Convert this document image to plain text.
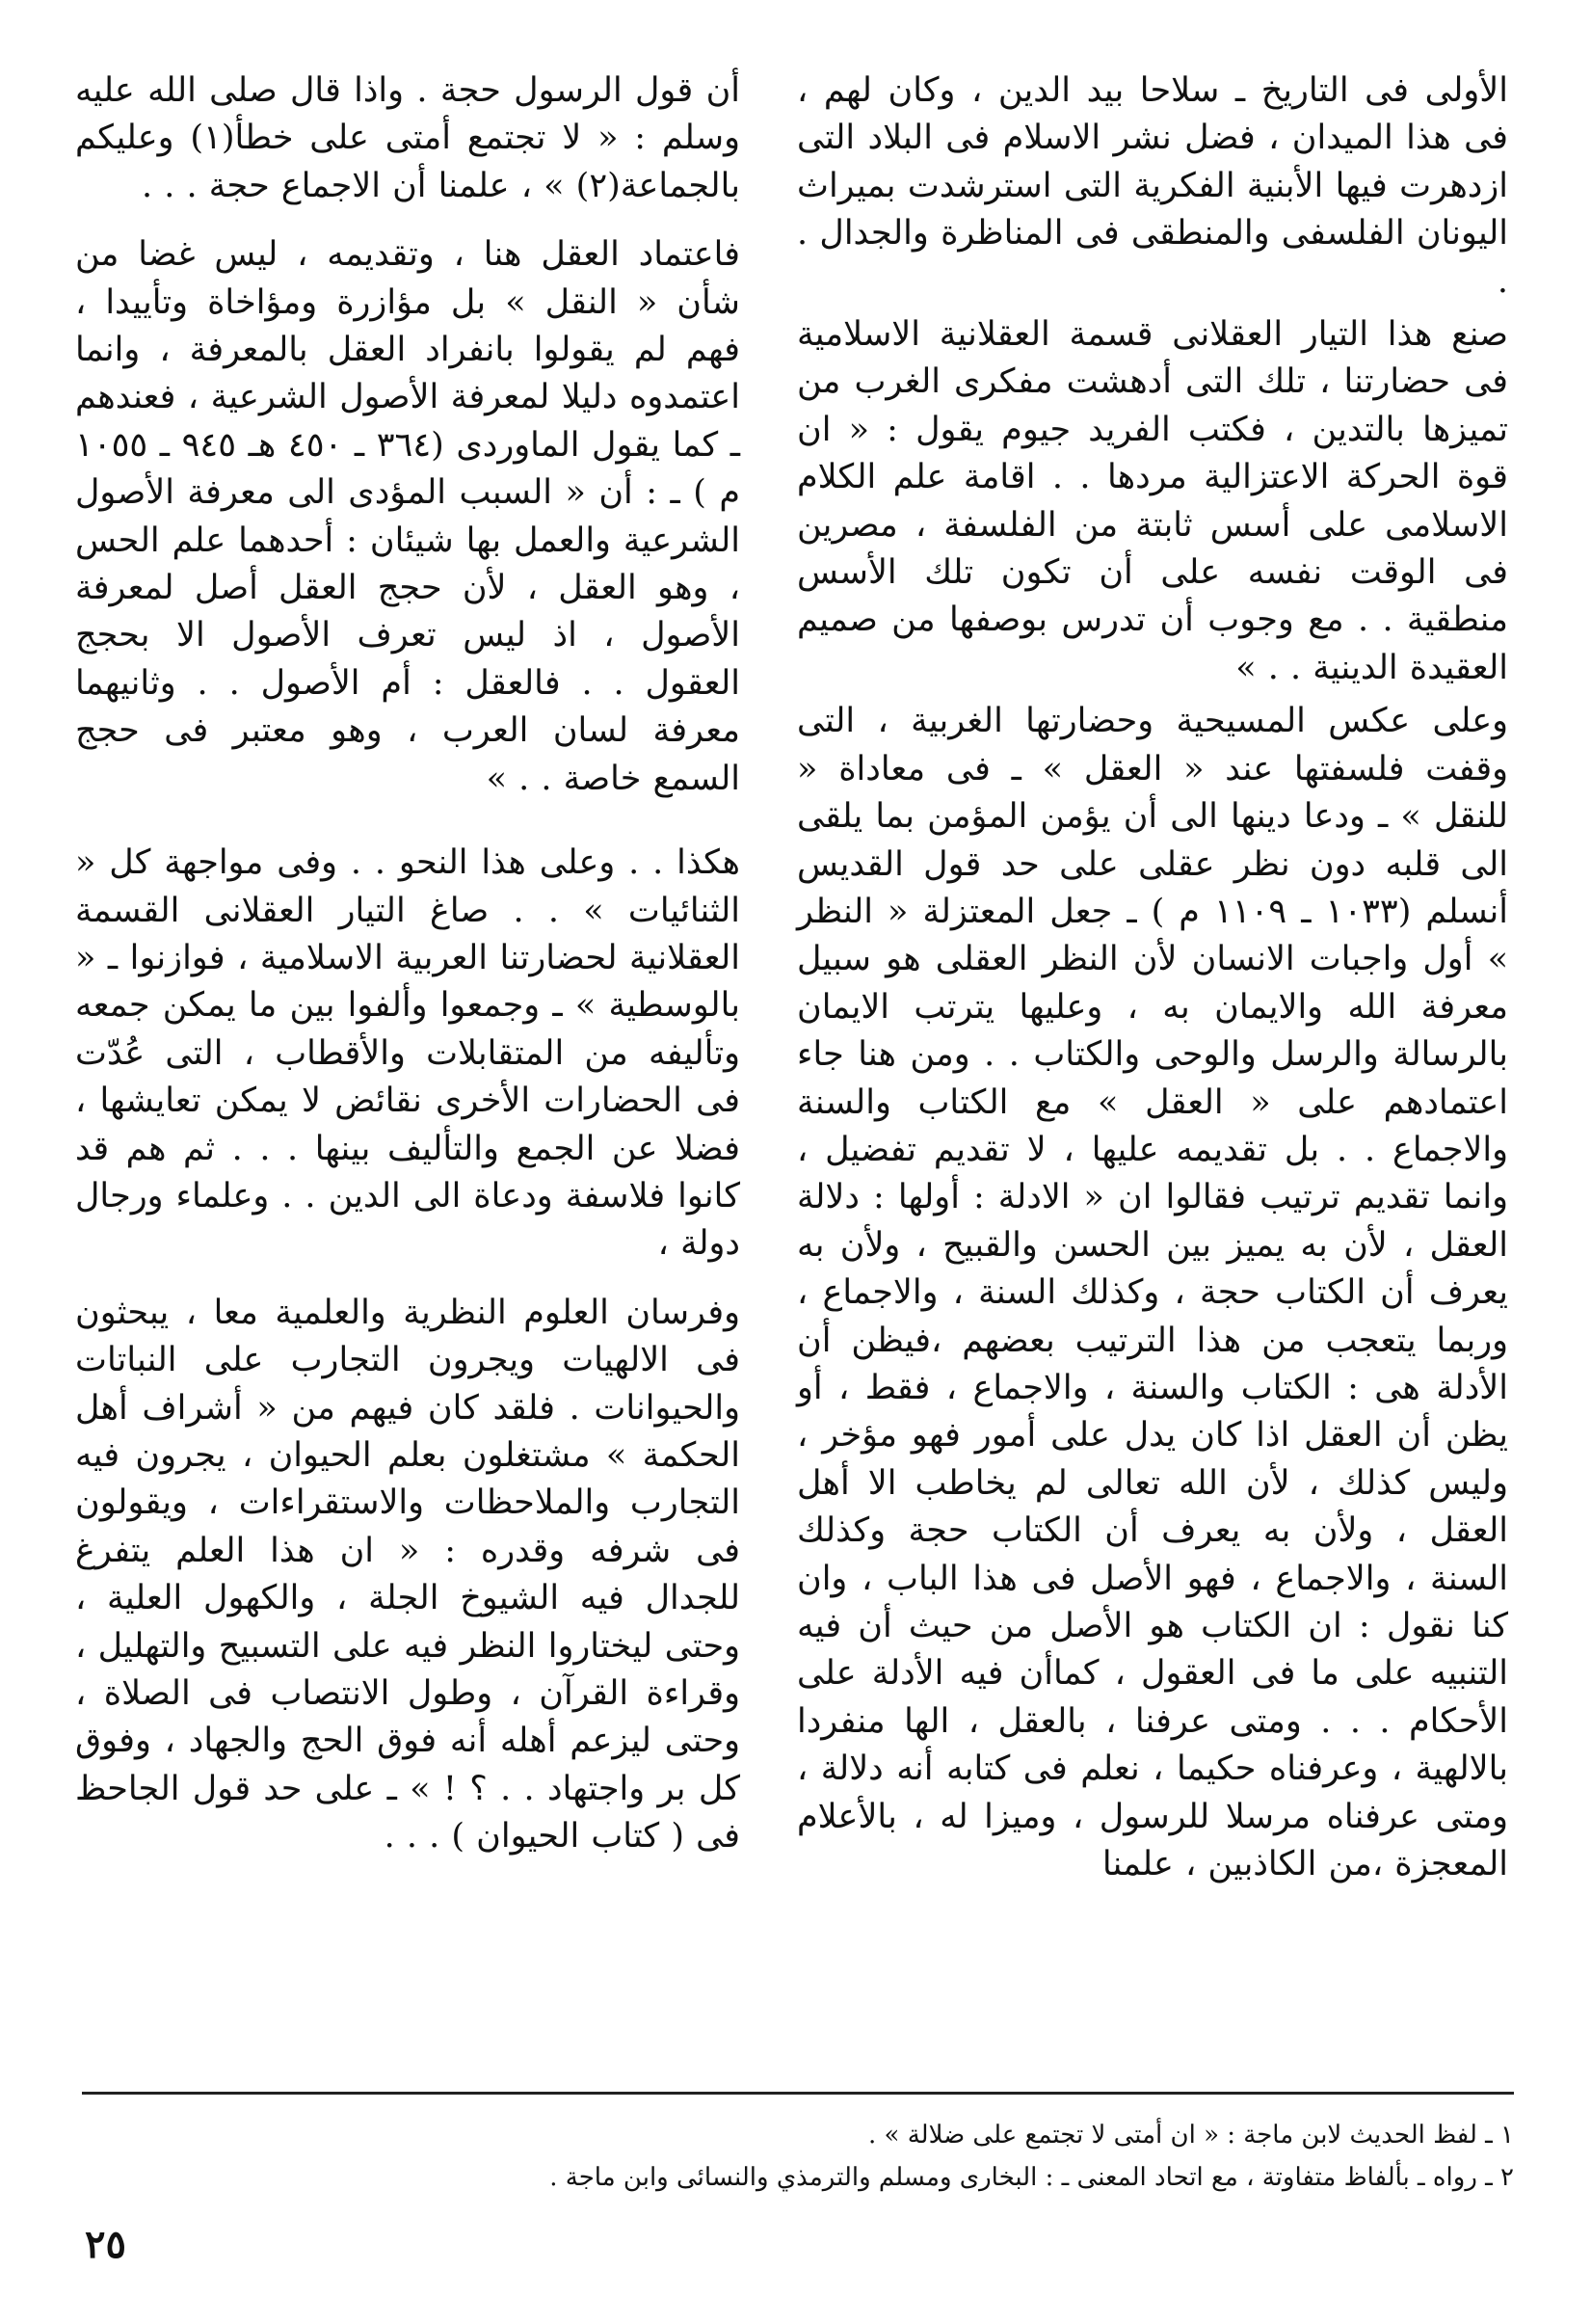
الأولى فى التاريخ ـ سلاحا بيد الدين ، وكان لهم ، فى هذا الميدان ، فضل نشر الاسلام فى البلاد التى ازدهرت فيها الأبنية الفكرية التى استرشدت بميراث اليونان الفلسفى والمنطقى فى المناظرة والجدال . .

صنع هذا التيار العقلانى قسمة العقلانية الاسلامية فى حضارتنا ، تلك التى أدهشت مفكرى الغرب من تميزها بالتدين ، فكتب الفريد جيوم يقول : « ان قوة الحركة الاعتزالية مردها . . اقامة علم الكلام الاسلامى على أسس ثابتة من الفلسفة ، مصرين فى الوقت نفسه على أن تكون تلك الأسس منطقية . . مع وجوب أن تدرس بوصفها من صميم العقيدة الدينية . . »

وعلى عكس المسيحية وحضارتها الغربية ، التى وقفت فلسفتها عند « العقل » ـ فى معاداة « للنقل » ـ ودعا دينها الى أن يؤمن المؤمن بما يلقى الى قلبه دون نظر عقلى على حد قول القديس أنسلم (١٠٣٣ ـ ١١٠٩ م ) ـ جعل المعتزلة « النظر » أول واجبات الانسان لأن النظر العقلى هو سبيل معرفة الله والايمان به ، وعليها يترتب الايمان بالرسالة والرسل والوحى والكتاب . . ومن هنا جاء اعتمادهم على « العقل » مع الكتاب والسنة والاجماع . . بل تقديمه عليها ، لا تقديم تفضيل ، وانما تقديم ترتيب فقالوا ان « الادلة : أولها : دلالة العقل ، لأن به يميز بين الحسن والقبيح ، ولأن به يعرف أن الكتاب حجة ، وكذلك السنة ، والاجماع ، وربما يتعجب من هذا الترتيب بعضهم ،فيظن أن الأدلة هى : الكتاب والسنة ، والاجماع ، فقط ، أو يظن أن العقل اذا كان يدل على أمور فهو مؤخر ، وليس كذلك ، لأن الله تعالى لم يخاطب الا أهل العقل ، ولأن به يعرف أن الكتاب حجة وكذلك السنة ، والاجماع ، فهو الأصل فى هذا الباب ، وان كنا نقول : ان الكتاب هو الأصل من حيث أن فيه التنبيه على ما فى العقول ، كماأن فيه الأدلة على الأحكام . . . ومتى عرفنا ، بالعقل ، الها منفردا بالالهية ، وعرفناه حكيما ، نعلم فى كتابه أنه دلالة ، ومتى عرفناه مرسلا للرسول ، وميزا له ، بالأعلام المعجزة ،من الكاذبين ، علمنا

أن قول الرسول حجة . واذا قال صلى الله عليه وسلم : « لا تجتمع أمتى على خطأ(١) وعليكم بالجماعة(٢) » ، علمنا أن الاجماع حجة . . .

فاعتماد العقل هنا ، وتقديمه ، ليس غضا من شأن « النقل » بل مؤازرة ومؤاخاة وتأييدا ، فهم لم يقولوا بانفراد العقل بالمعرفة ، وانما اعتمدوه دليلا لمعرفة الأصول الشرعية ، فعندهم ـ كما يقول الماوردى (٣٦٤ ـ ٤٥٠ هـ ٩٤٥ ـ ١٠٥٥ م ) ـ : أن « السبب المؤدى الى معرفة الأصول الشرعية والعمل بها شيئان : أحدهما علم الحس ، وهو العقل ، لأن حجج العقل أصل لمعرفة الأصول ، اذ ليس تعرف الأصول الا بحجج العقول . . فالعقل : أم الأصول . . وثانيهما معرفة لسان العرب ، وهو معتبر فى حجج السمع خاصة . . »

هكذا . . وعلى هذا النحو . . وفى مواجهة كل « الثنائيات » . . صاغ التيار العقلانى القسمة العقلانية لحضارتنا العربية الاسلامية ، فوازنوا ـ « بالوسطية » ـ وجمعوا وألفوا بين ما يمكن جمعه وتأليفه من المتقابلات والأقطاب ، التى عُدّت فى الحضارات الأخرى نقائض لا يمكن تعايشها ، فضلا عن الجمع والتأليف بينها . . . ثم هم قد كانوا فلاسفة ودعاة الى الدين . . وعلماء ورجال دولة ،

وفرسان العلوم النظرية والعلمية معا ، يبحثون فى الالهيات ويجرون التجارب على النباتات والحيوانات . فلقد كان فيهم من « أشراف أهل الحكمة » مشتغلون بعلم الحيوان ، يجرون فيه التجارب والملاحظات والاستقراءات ، ويقولون فى شرفه وقدره : « ان هذا العلم يتفرغ للجدال فيه الشيوخ الجلة ، والكهول العلية ، وحتى ليختاروا النظر فيه على التسبيح والتهليل ، وقراءة القرآن ، وطول الانتصاب فى الصلاة ، وحتى ليزعم أهله أنه فوق الحج والجهاد ، وفوق كل بر واجتهاد . . ؟ ! » ـ على حد قول الجاحظ فى ( كتاب الحيوان ) . . .

١ ـ لفظ الحديث لابن ماجة : « ان أمتى لا تجتمع على ضلالة » .

٢ ـ رواه ـ بألفاظ متفاوتة ، مع اتحاد المعنى ـ : البخارى ومسلم والترمذي والنسائى وابن ماجة .

٢٥
